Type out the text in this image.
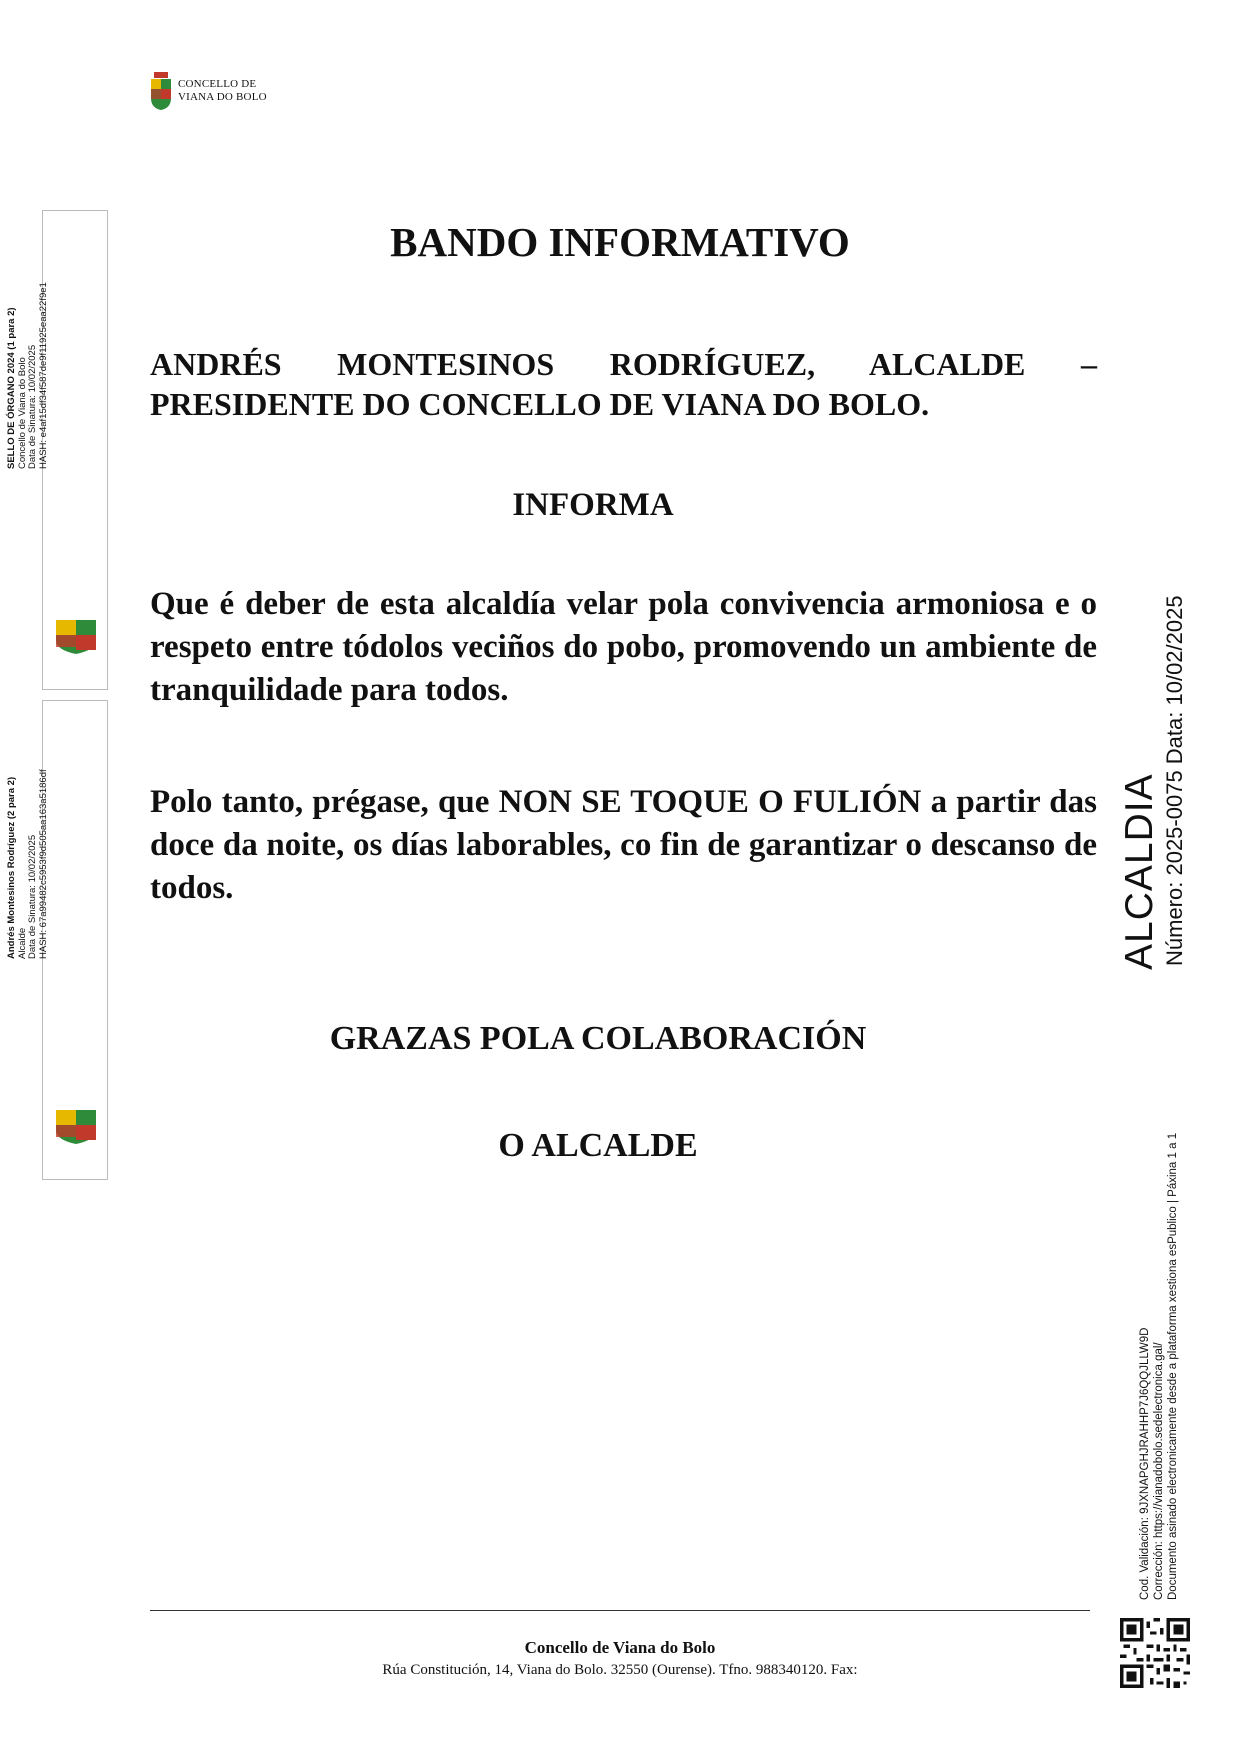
CONCELLO DE
VIANA DO BOLO
SELLO DE ÓRGANO 2024 (1 para 2) Concello de Viana do Bolo Data de Sinatura: 10/02/2025 HASH: e4af15df34f587de9f11925eaa22f9e1
Andrés Montesinos Rodríguez (2 para 2) Alcalde Data de Sinatura: 10/02/2025 HASH: 67a99482c5953f9d505aa163a5186df
BANDO INFORMATIVO
ANDRÉS MONTESINOS RODRÍGUEZ, ALCALDE – PRESIDENTE DO CONCELLO DE VIANA DO BOLO.
INFORMA
Que é deber de esta alcaldía velar pola convivencia armoniosa e o respeto entre tódolos veciños do pobo, promovendo un ambiente de tranquilidade para todos.
Polo tanto, prégase, que NON SE TOQUE O FULIÓN a partir das doce da noite, os días laborables, co fin de garantizar o descanso de todos.
GRAZAS POLA COLABORACIÓN
O ALCALDE
ALCALDIA Número: 2025-0075 Data: 10/02/2025
Cod. Validación: 9JXNAPGHJRAHHP7J6QQJLLW9D Corrección: https://vianadobolo.sedelectronica.gal/ Documento asinado electronicamente desde a plataforma xestiona esPublico | Páxina 1 a 1
Concello de Viana do Bolo
Rúa Constitución, 14, Viana do Bolo. 32550 (Ourense). Tfno. 988340120. Fax:
